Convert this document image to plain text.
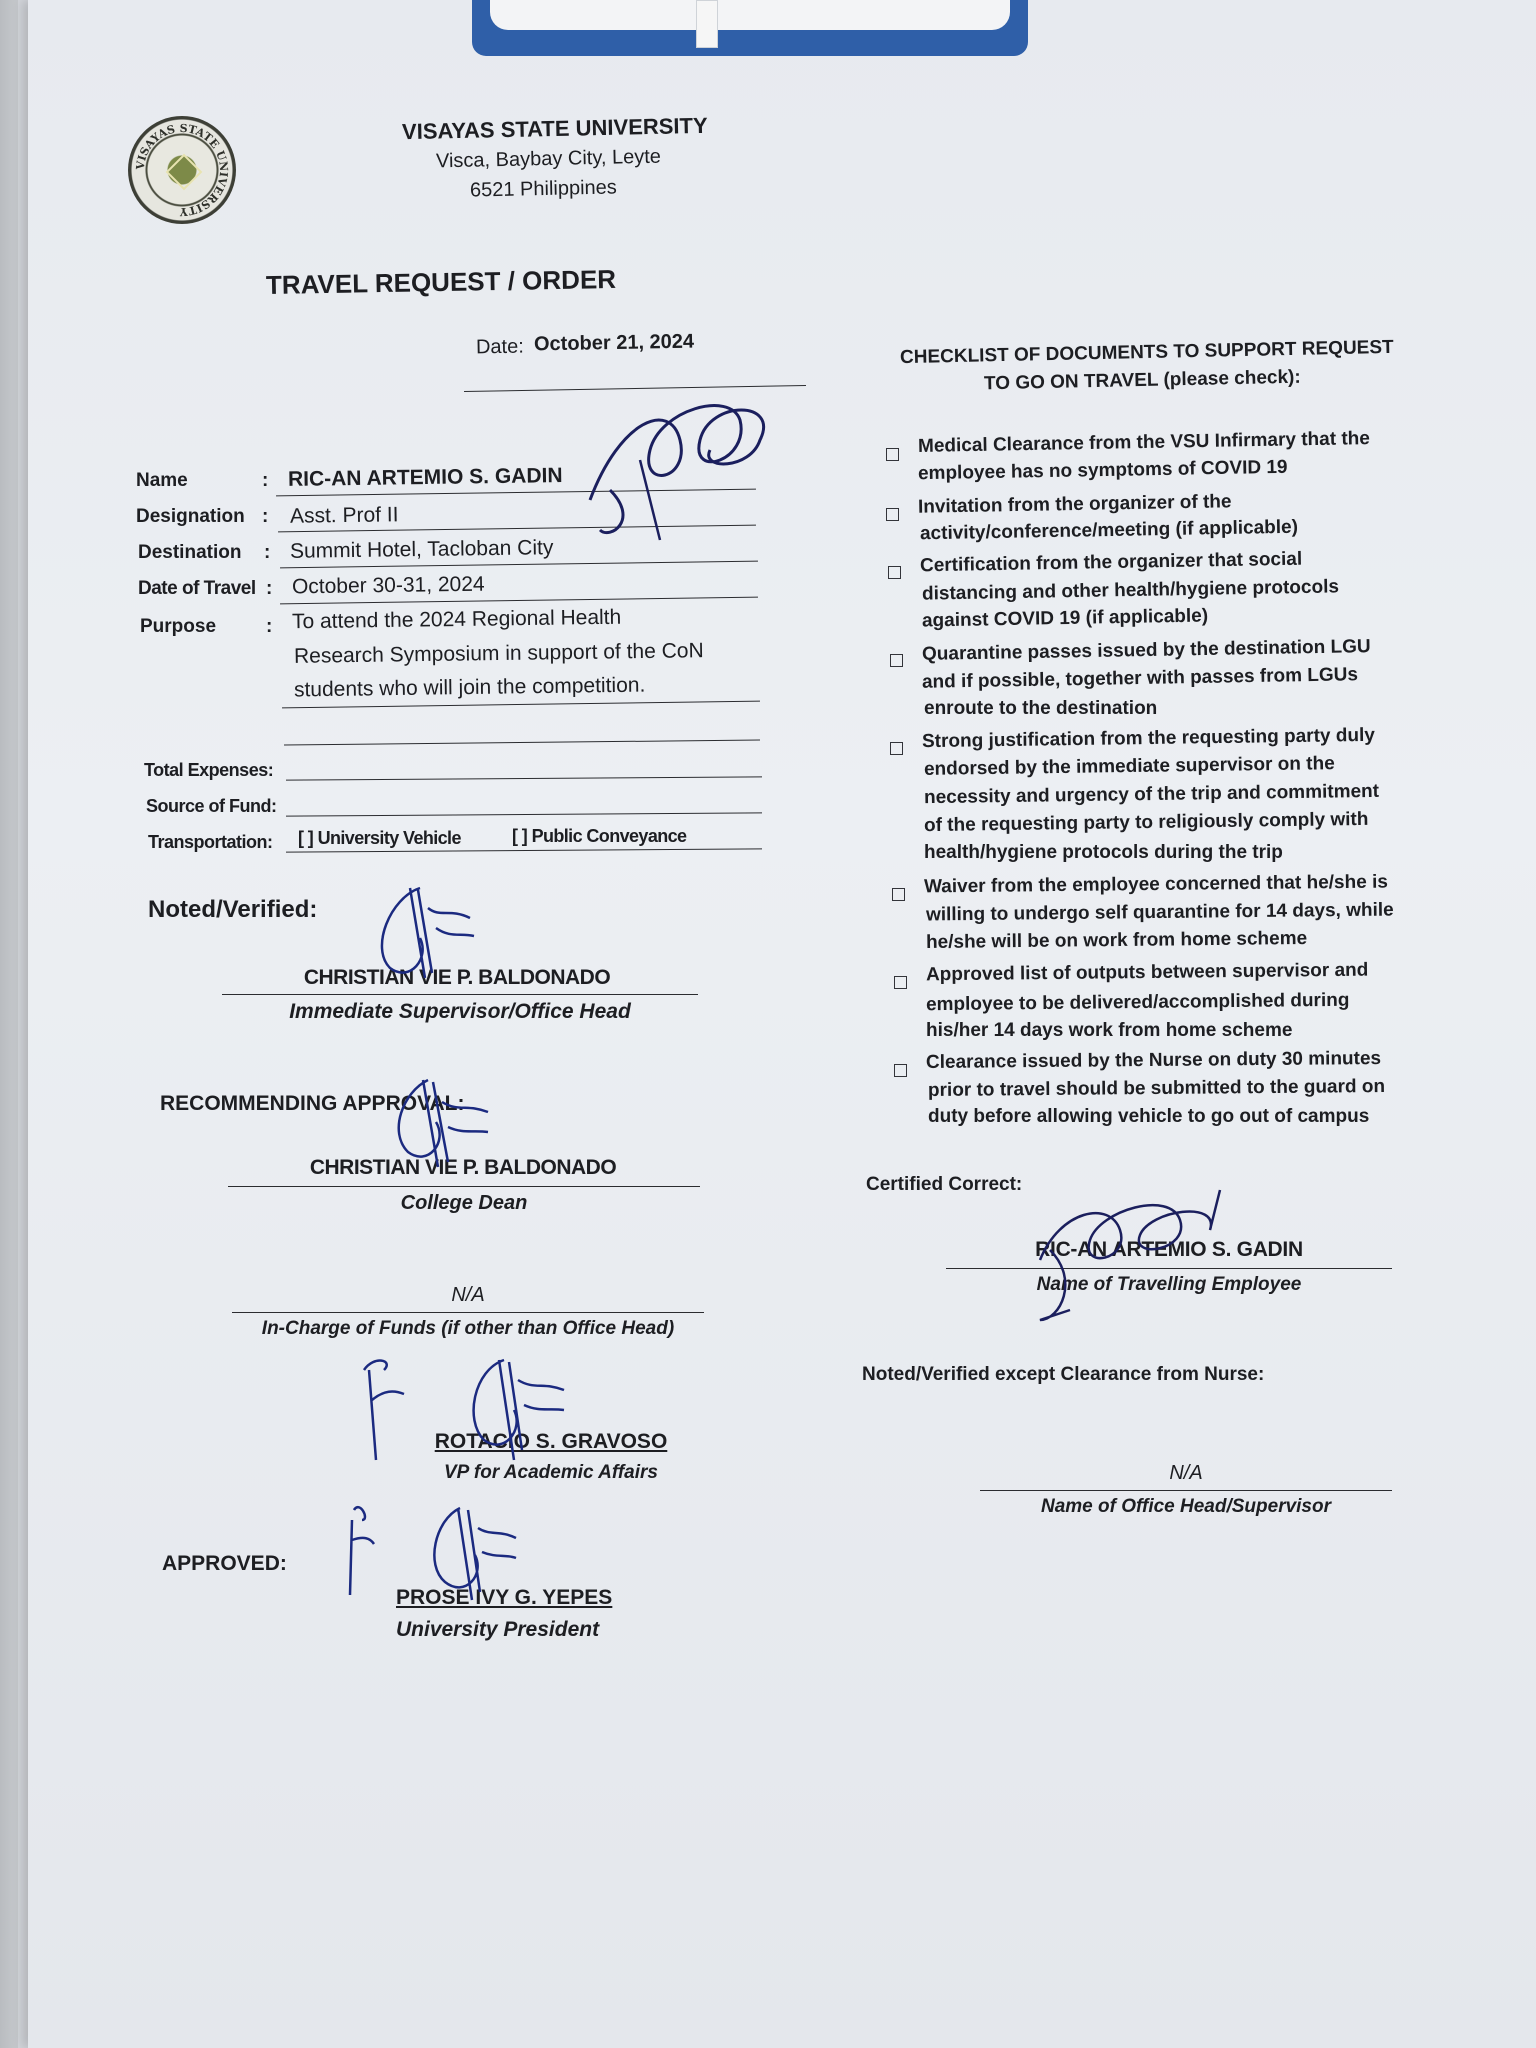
VISAYAS STATE UNIVERSITY
VISAYAS STATE UNIVERSITY
Visca, Baybay City, Leyte
6521 Philippines
TRAVEL REQUEST / ORDER
Date: October 21, 2024
Name	: RIC-AN ARTEMIO S. GADIN
Designation : Asst. Prof II
Destination : Summit Hotel, Tacloban City
Date of Travel : October 30-31, 2024
Purpose	: To attend the 2024 Regional Health
Research Symposium in support of the CoN
students who will join the competition.
Total Expenses:
Source of Fund:
Transportation: [ ] University Vehicle	[ ] Public Conveyance
Noted/Verified:
CHRISTIAN VIE P. BALDONADO
Immediate Supervisor/Office Head
RECOMMENDING APPROVAL:
CHRISTIAN VIE P. BALDONADO
College Dean
N/A
In-Charge of Funds (if other than Office Head)
ROTACIO S. GRAVOSO
VP for Academic Affairs
APPROVED:
PROSE IVY G. YEPES
University President
CHECKLIST OF DOCUMENTS TO SUPPORT REQUEST
TO GO ON TRAVEL (please check):
Medical Clearance from the VSU Infirmary that the
employee has no symptoms of COVID 19
Invitation from the organizer of the
activity/conference/meeting (if applicable)
Certification from the organizer that social
distancing and other health/hygiene protocols
against COVID 19 (if applicable)
Quarantine passes issued by the destination LGU
and if possible, together with passes from LGUs
enroute to the destination
Strong justification from the requesting party duly
endorsed by the immediate supervisor on the
necessity and urgency of the trip and commitment
of the requesting party to religiously comply with
health/hygiene protocols during the trip
Waiver from the employee concerned that he/she is
willing to undergo self quarantine for 14 days, while
he/she will be on work from home scheme
Approved list of outputs between supervisor and
employee to be delivered/accomplished during
his/her 14 days work from home scheme
Clearance issued by the Nurse on duty 30 minutes
prior to travel should be submitted to the guard on
duty before allowing vehicle to go out of campus
Certified Correct:
RIC-AN ARTEMIO S. GADIN
Name of Travelling Employee
Noted/Verified except Clearance from Nurse:
N/A
Name of Office Head/Supervisor
